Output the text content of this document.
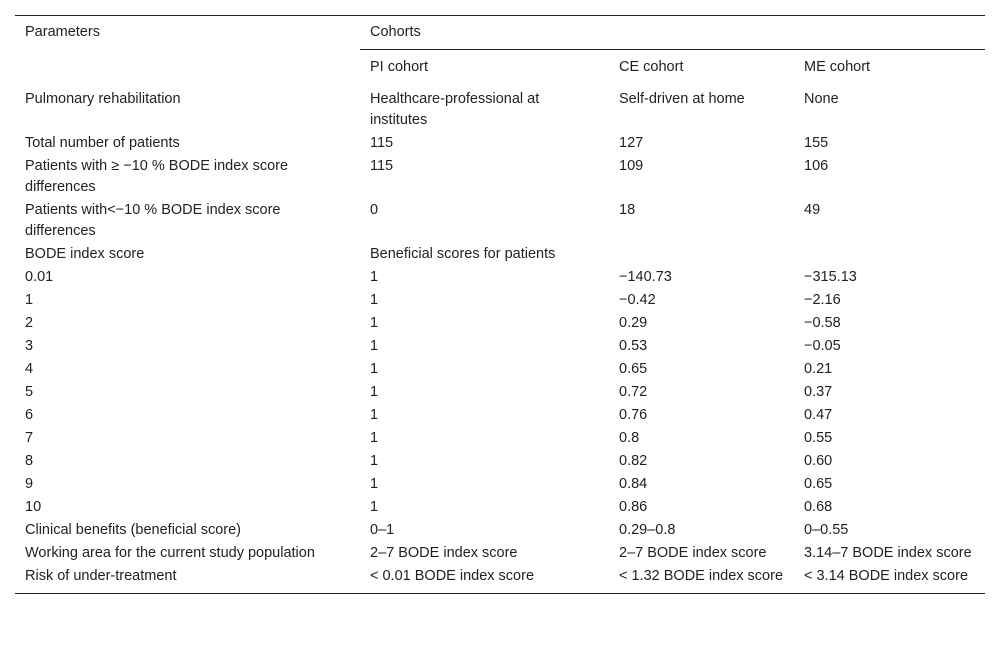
Parameters	Cohorts		
	PI cohort	CE cohort	ME cohort
Pulmonary rehabilitation	Healthcare-professional at institutes	Self-driven at home	None
Total number of patients	115	127	155
Patients with ≥ −10 % BODE index score differences	115	109	106
Patients with<−10 % BODE index score differences	0	18	49
BODE index score	Beneficial scores for patients		
0.01	1	−140.73	−315.13
1	1	−0.42	−2.16
2	1	0.29	−0.58
3	1	0.53	−0.05
4	1	0.65	0.21
5	1	0.72	0.37
6	1	0.76	0.47
7	1	0.8	0.55
8	1	0.82	0.60
9	1	0.84	0.65
10	1	0.86	0.68
Clinical benefits (beneficial score)	0–1	0.29–0.8	0–0.55
Working area for the current study population	2–7 BODE index score	2–7 BODE index score	3.14–7 BODE index score
Risk of under-treatment	< 0.01 BODE index score	< 1.32 BODE index score	< 3.14 BODE index score
